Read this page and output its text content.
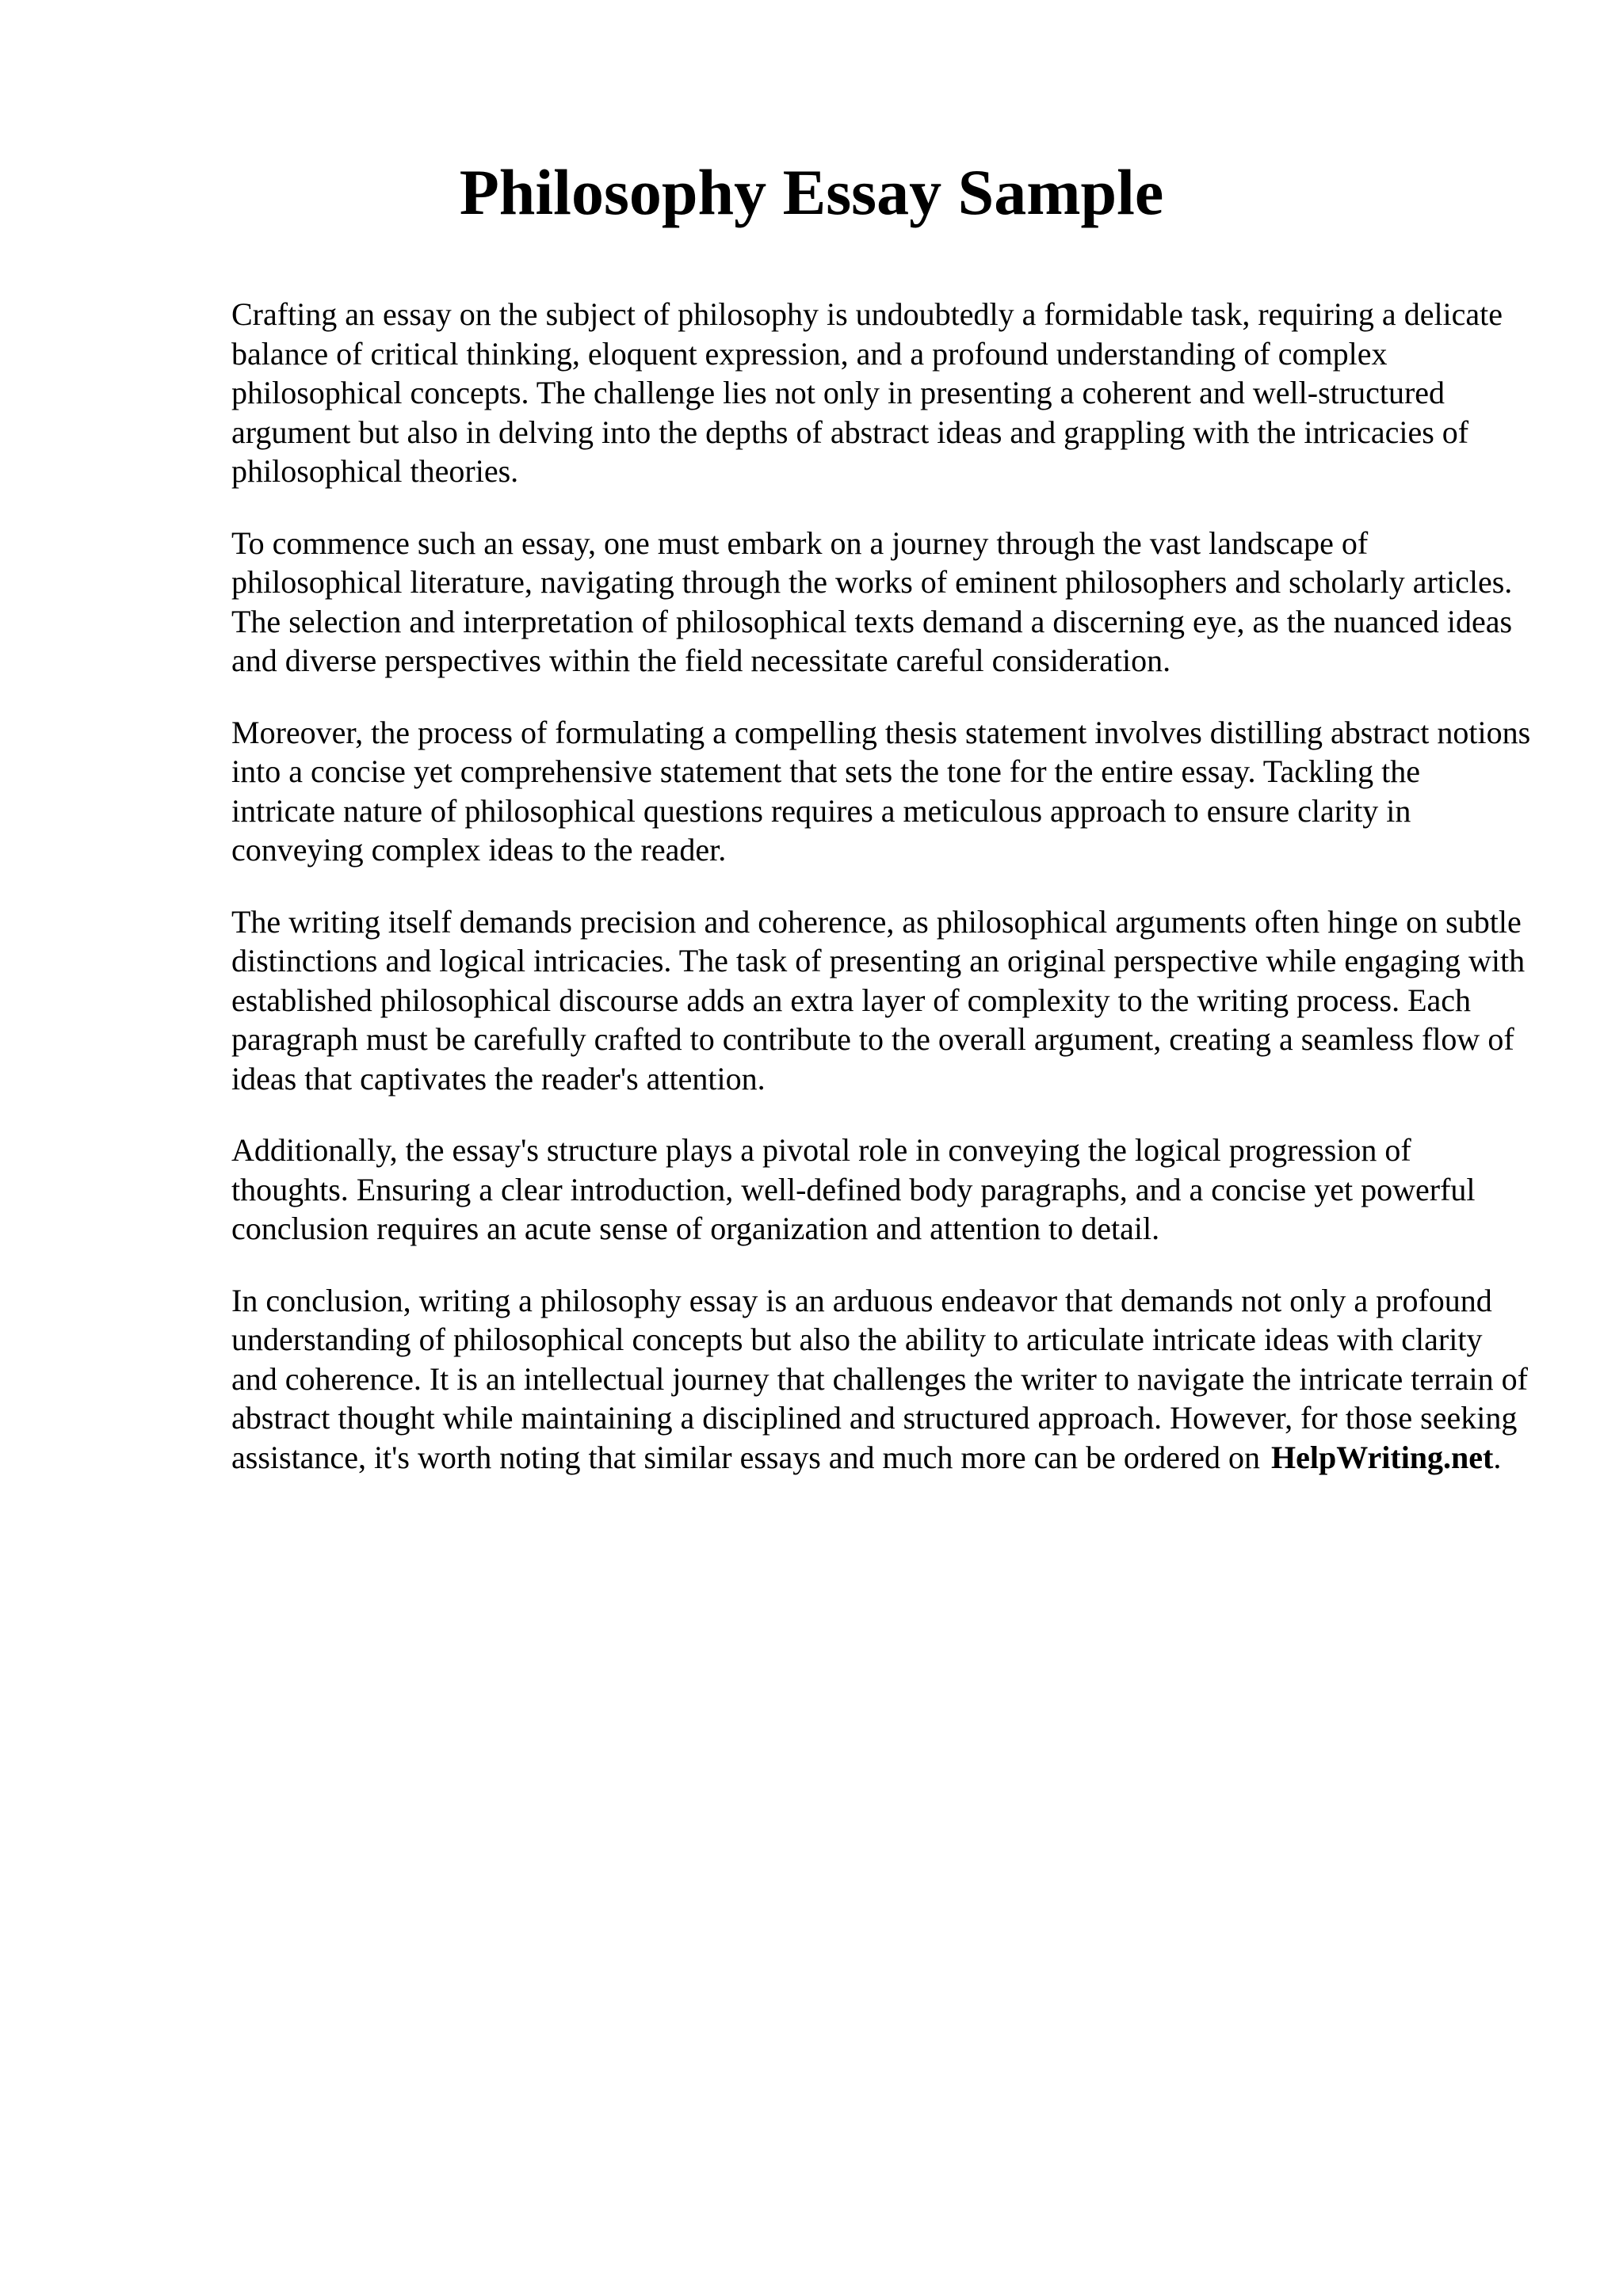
Philosophy Essay Sample

Crafting an essay on the subject of philosophy is undoubtedly a formidable task, requiring a delicate balance of critical thinking, eloquent expression, and a profound understanding of complex philosophical concepts. The challenge lies not only in presenting a coherent and well-structured argument but also in delving into the depths of abstract ideas and grappling with the intricacies of philosophical theories.

To commence such an essay, one must embark on a journey through the vast landscape of philosophical literature, navigating through the works of eminent philosophers and scholarly articles. The selection and interpretation of philosophical texts demand a discerning eye, as the nuanced ideas and diverse perspectives within the field necessitate careful consideration.

Moreover, the process of formulating a compelling thesis statement involves distilling abstract notions into a concise yet comprehensive statement that sets the tone for the entire essay. Tackling the intricate nature of philosophical questions requires a meticulous approach to ensure clarity in conveying complex ideas to the reader.

The writing itself demands precision and coherence, as philosophical arguments often hinge on subtle distinctions and logical intricacies. The task of presenting an original perspective while engaging with established philosophical discourse adds an extra layer of complexity to the writing process. Each paragraph must be carefully crafted to contribute to the overall argument, creating a seamless flow of ideas that captivates the reader's attention.

Additionally, the essay's structure plays a pivotal role in conveying the logical progression of thoughts. Ensuring a clear introduction, well-defined body paragraphs, and a concise yet powerful conclusion requires an acute sense of organization and attention to detail.

In conclusion, writing a philosophy essay is an arduous endeavor that demands not only a profound understanding of philosophical concepts but also the ability to articulate intricate ideas with clarity and coherence. It is an intellectual journey that challenges the writer to navigate the intricate terrain of abstract thought while maintaining a disciplined and structured approach. However, for those seeking assistance, it's worth noting that similar essays and much more can be ordered on HelpWriting.net.
